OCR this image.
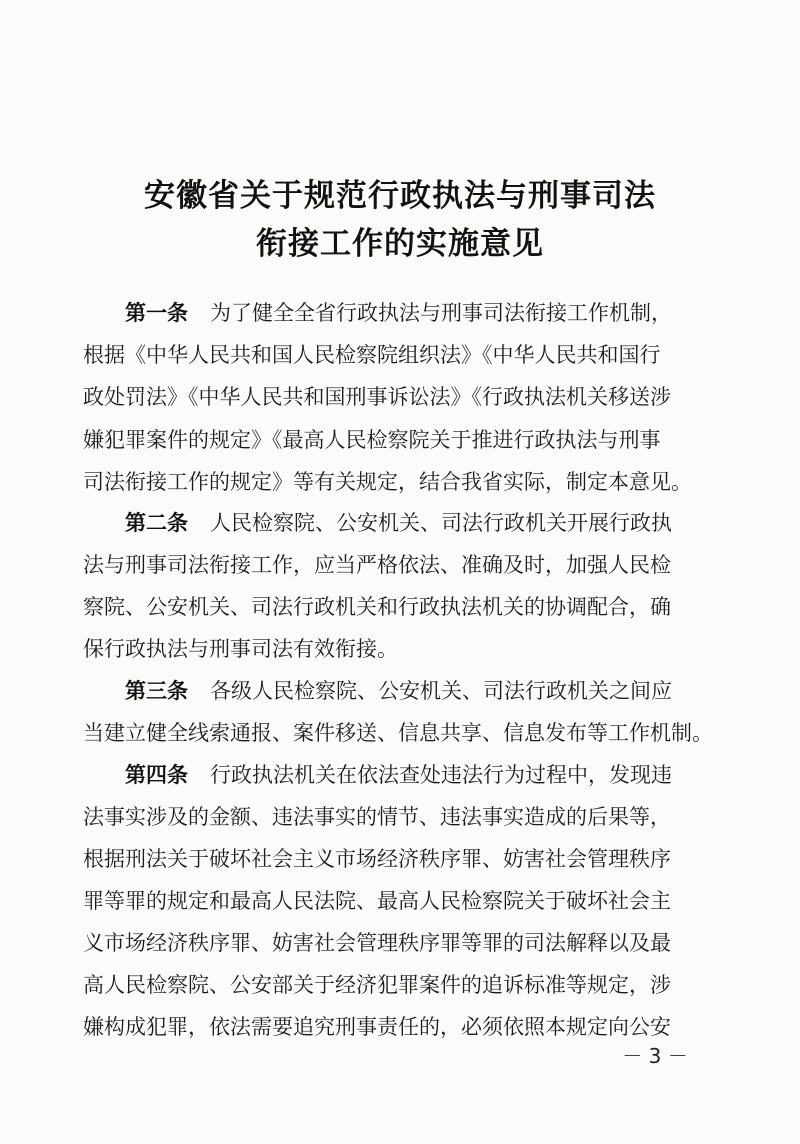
安徽省关于规范行政执法与刑事司法
衔接工作的实施意见
第一条 为了健全全省行政执法与刑事司法衔接工作机制，
根据《中华人民共和国人民检察院组织法》《中华人民共和国行
政处罚法》《中华人民共和国刑事诉讼法》《行政执法机关移送涉
嫌犯罪案件的规定》《最高人民检察院关于推进行政执法与刑事
司法衔接工作的规定》等有关规定，结合我省实际，制定本意见。
第二条 人民检察院、公安机关、司法行政机关开展行政执
法与刑事司法衔接工作，应当严格依法、准确及时，加强人民检
察院、公安机关、司法行政机关和行政执法机关的协调配合，确
保行政执法与刑事司法有效衔接。
第三条 各级人民检察院、公安机关、司法行政机关之间应
当建立健全线索通报、案件移送、信息共享、信息发布等工作机制。
第四条 行政执法机关在依法查处违法行为过程中，发现违
法事实涉及的金额、违法事实的情节、违法事实造成的后果等，
根据刑法关于破坏社会主义市场经济秩序罪、妨害社会管理秩序
罪等罪的规定和最高人民法院、最高人民检察院关于破坏社会主
义市场经济秩序罪、妨害社会管理秩序罪等罪的司法解释以及最
高人民检察院、公安部关于经济犯罪案件的追诉标准等规定，涉
嫌构成犯罪，依法需要追究刑事责任的，必须依照本规定向公安
－ 3 －
